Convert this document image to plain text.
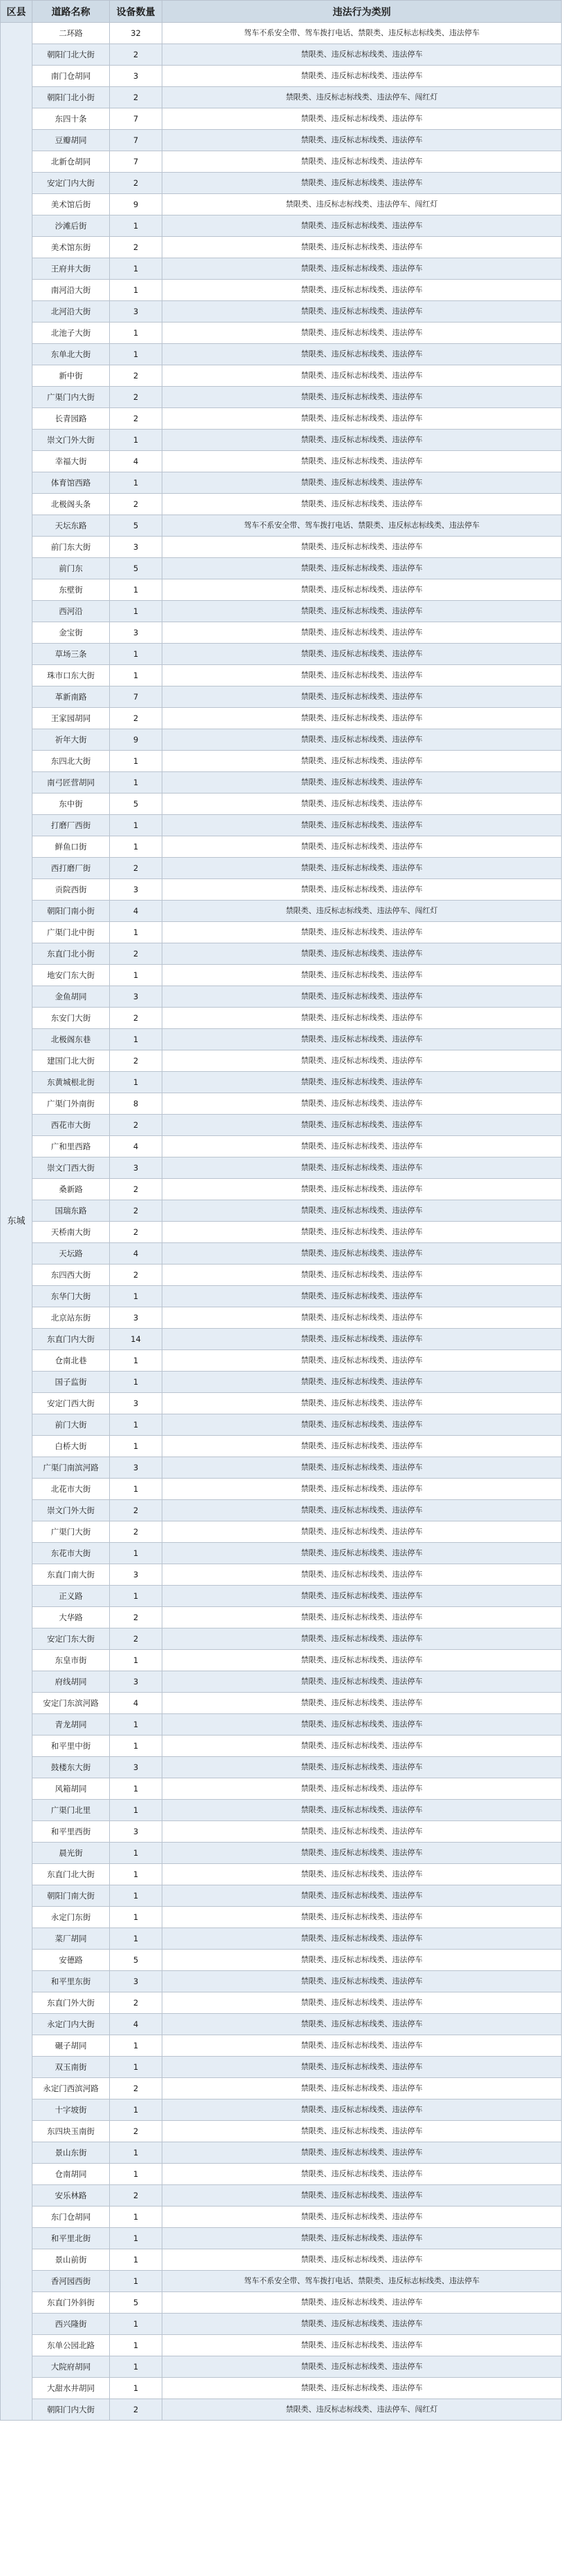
区县	道路名称	设备数量	违法行为类别
东城	二环路	32	驾车不系安全带、驾车拨打电话、禁限类、违反标志标线类、违法停车
	朝阳门北大街	2	禁限类、违反标志标线类、违法停车
	南门仓胡同	3	禁限类、违反标志标线类、违法停车
	朝阳门北小街	2	禁限类、违反标志标线类、违法停车、闯红灯
	东四十条	7	禁限类、违反标志标线类、违法停车
	豆瓣胡同	7	禁限类、违反标志标线类、违法停车
	北新仓胡同	7	禁限类、违反标志标线类、违法停车
	安定门内大街	2	禁限类、违反标志标线类、违法停车
	美术馆后街	9	禁限类、违反标志标线类、违法停车、闯红灯
	沙滩后街	1	禁限类、违反标志标线类、违法停车
	美术馆东街	2	禁限类、违反标志标线类、违法停车
	王府井大街	1	禁限类、违反标志标线类、违法停车
	南河沿大街	1	禁限类、违反标志标线类、违法停车
	北河沿大街	3	禁限类、违反标志标线类、违法停车
	北池子大街	1	禁限类、违反标志标线类、违法停车
	东单北大街	1	禁限类、违反标志标线类、违法停车
	新中街	2	禁限类、违反标志标线类、违法停车
	广渠门内大街	2	禁限类、违反标志标线类、违法停车
	长青园路	2	禁限类、违反标志标线类、违法停车
	崇文门外大街	1	禁限类、违反标志标线类、违法停车
	幸福大街	4	禁限类、违反标志标线类、违法停车
	体育馆西路	1	禁限类、违反标志标线类、违法停车
	北极阁头条	2	禁限类、违反标志标线类、违法停车
	天坛东路	5	驾车不系安全带、驾车拨打电话、禁限类、违反标志标线类、违法停车
	前门东大街	3	禁限类、违反标志标线类、违法停车
	前门东	5	禁限类、违反标志标线类、违法停车
	东壁街	1	禁限类、违反标志标线类、违法停车
	西河沿	1	禁限类、违反标志标线类、违法停车
	金宝街	3	禁限类、违反标志标线类、违法停车
	草场三条	1	禁限类、违反标志标线类、违法停车
	珠市口东大街	1	禁限类、违反标志标线类、违法停车
	革新南路	7	禁限类、违反标志标线类、违法停车
	王家园胡同	2	禁限类、违反标志标线类、违法停车
	祈年大街	9	禁限类、违反标志标线类、违法停车
	东四北大街	1	禁限类、违反标志标线类、违法停车
	南弓匠营胡同	1	禁限类、违反标志标线类、违法停车
	东中街	5	禁限类、违反标志标线类、违法停车
	打磨厂西街	1	禁限类、违反标志标线类、违法停车
	鲜鱼口街	1	禁限类、违反标志标线类、违法停车
	西打磨厂街	2	禁限类、违反标志标线类、违法停车
	贡院西街	3	禁限类、违反标志标线类、违法停车
	朝阳门南小街	4	禁限类、违反标志标线类、违法停车、闯红灯
	广渠门北中街	1	禁限类、违反标志标线类、违法停车
	东直门北小街	2	禁限类、违反标志标线类、违法停车
	地安门东大街	1	禁限类、违反标志标线类、违法停车
	金鱼胡同	3	禁限类、违反标志标线类、违法停车
	东安门大街	2	禁限类、违反标志标线类、违法停车
	北极阁东巷	1	禁限类、违反标志标线类、违法停车
	建国门北大街	2	禁限类、违反标志标线类、违法停车
	东黄城根北街	1	禁限类、违反标志标线类、违法停车
	广渠门外南街	8	禁限类、违反标志标线类、违法停车
	西花市大街	2	禁限类、违反标志标线类、违法停车
	广和里西路	4	禁限类、违反标志标线类、违法停车
	崇文门西大街	3	禁限类、违反标志标线类、违法停车
	桑新路	2	禁限类、违反标志标线类、违法停车
	国瑞东路	2	禁限类、违反标志标线类、违法停车
	天桥南大街	2	禁限类、违反标志标线类、违法停车
	天坛路	4	禁限类、违反标志标线类、违法停车
	东四西大街	2	禁限类、违反标志标线类、违法停车
	东华门大街	1	禁限类、违反标志标线类、违法停车
	北京站东街	3	禁限类、违反标志标线类、违法停车
	东直门内大街	14	禁限类、违反标志标线类、违法停车
	仓南北巷	1	禁限类、违反标志标线类、违法停车
	国子监街	1	禁限类、违反标志标线类、违法停车
	安定门西大街	3	禁限类、违反标志标线类、违法停车
	前门大街	1	禁限类、违反标志标线类、违法停车
	白桥大街	1	禁限类、违反标志标线类、违法停车
	广渠门南滨河路	3	禁限类、违反标志标线类、违法停车
	北花市大街	1	禁限类、违反标志标线类、违法停车
	崇文门外大街	2	禁限类、违反标志标线类、违法停车
	广渠门大街	2	禁限类、违反标志标线类、违法停车
	东花市大街	1	禁限类、违反标志标线类、违法停车
	东直门南大街	3	禁限类、违反标志标线类、违法停车
	正义路	1	禁限类、违反标志标线类、违法停车
	大华路	2	禁限类、违反标志标线类、违法停车
	安定门东大街	2	禁限类、违反标志标线类、违法停车
	东皇市街	1	禁限类、违反标志标线类、违法停车
	府线胡同	3	禁限类、违反标志标线类、违法停车
	安定门东滨河路	4	禁限类、违反标志标线类、违法停车
	青龙胡同	1	禁限类、违反标志标线类、违法停车
	和平里中街	1	禁限类、违反标志标线类、违法停车
	鼓楼东大街	3	禁限类、违反标志标线类、违法停车
	风箱胡同	1	禁限类、违反标志标线类、违法停车
	广渠门北里	1	禁限类、违反标志标线类、违法停车
	和平里西街	3	禁限类、违反标志标线类、违法停车
	晨光街	1	禁限类、违反标志标线类、违法停车
	东直门北大街	1	禁限类、违反标志标线类、违法停车
	朝阳门南大街	1	禁限类、违反标志标线类、违法停车
	永定门东街	1	禁限类、违反标志标线类、违法停车
	菜厂胡同	1	禁限类、违反标志标线类、违法停车
	安德路	5	禁限类、违反标志标线类、违法停车
	和平里东街	3	禁限类、违反标志标线类、违法停车
	东直门外大街	2	禁限类、违反标志标线类、违法停车
	永定门内大街	4	禁限类、违反标志标线类、违法停车
	碾子胡同	1	禁限类、违反标志标线类、违法停车
	双玉南街	1	禁限类、违反标志标线类、违法停车
	永定门西滨河路	2	禁限类、违反标志标线类、违法停车
	十字坡街	1	禁限类、违反标志标线类、违法停车
	东四块玉南街	2	禁限类、违反标志标线类、违法停车
	景山东街	1	禁限类、违反标志标线类、违法停车
	仓南胡同	1	禁限类、违反标志标线类、违法停车
	安乐林路	2	禁限类、违反标志标线类、违法停车
	东门仓胡同	1	禁限类、违反标志标线类、违法停车
	和平里北街	1	禁限类、违反标志标线类、违法停车
	景山前街	1	禁限类、违反标志标线类、违法停车
	香河园西街	1	驾车不系安全带、驾车拨打电话、禁限类、违反标志标线类、违法停车
	东直门外斜街	5	禁限类、违反标志标线类、违法停车
	西兴隆街	1	禁限类、违反标志标线类、违法停车
	东单公园北路	1	禁限类、违反标志标线类、违法停车
	大院府胡同	1	禁限类、违反标志标线类、违法停车
	大甜水井胡同	1	禁限类、违反标志标线类、违法停车
	朝阳门内大街	2	禁限类、违反标志标线类、违法停车、闯红灯
